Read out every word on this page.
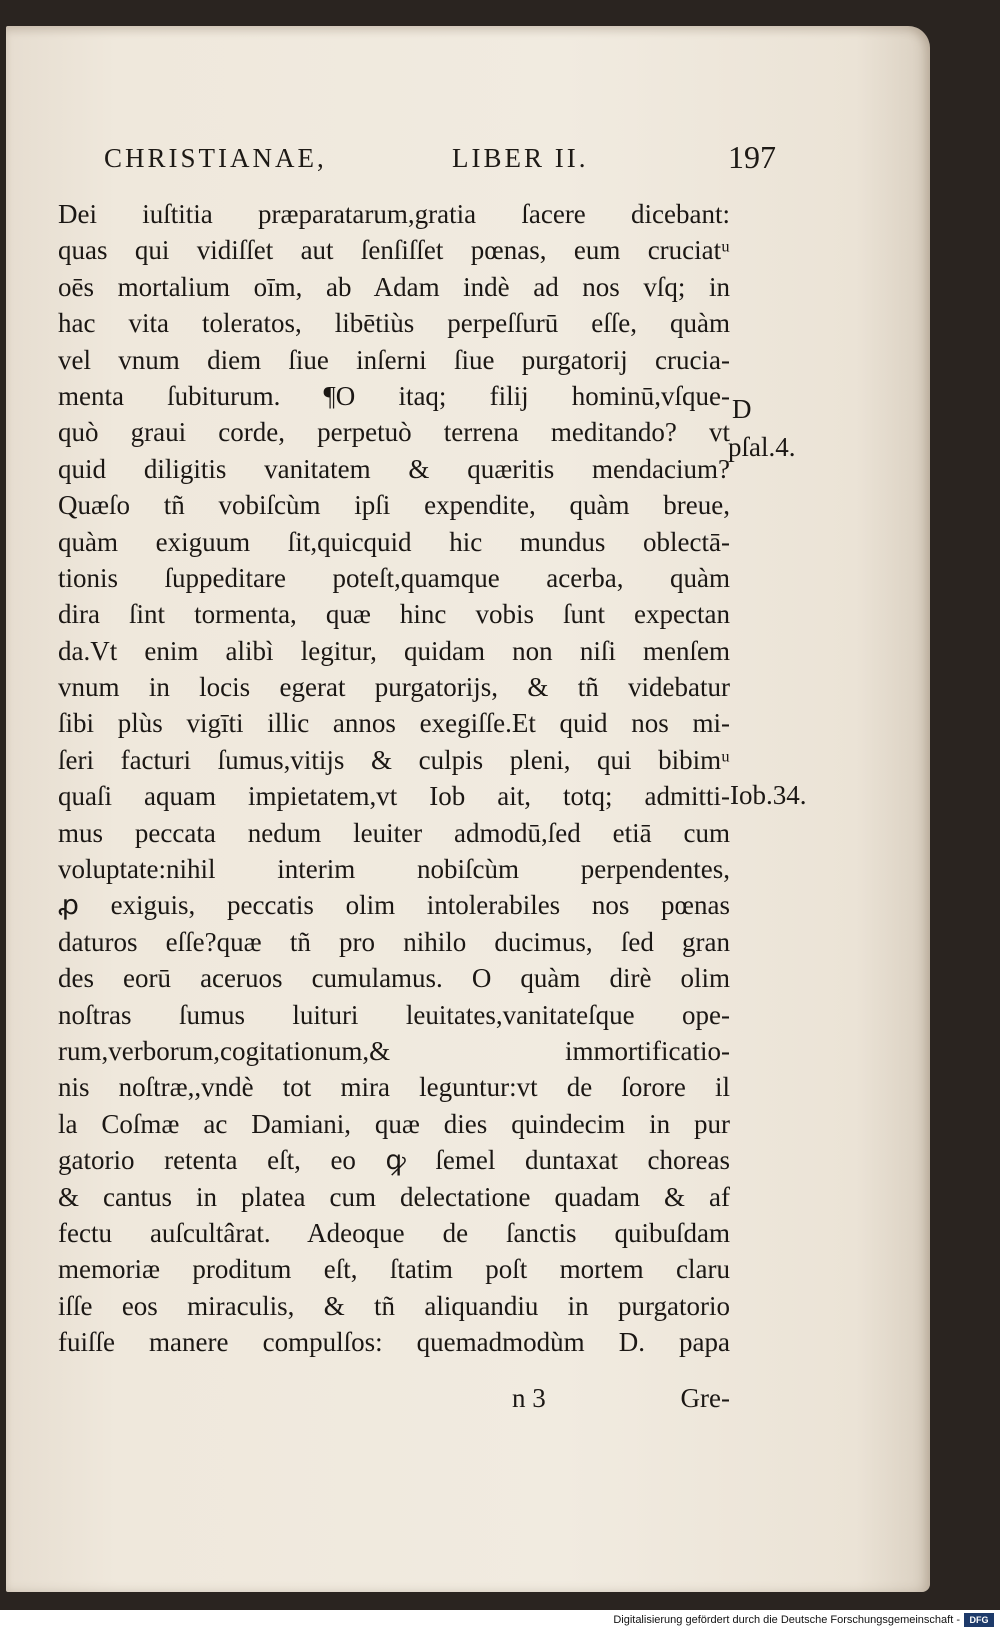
CHRISTIANAE,	LIBER II.	197
Dei iuſtitia præparatarum,gratia ſacere dicebant:
quas qui vidiſſet aut ſenſiſſet pœnas, eum cruciatᵘ
oēs mortalium oīm, ab Adam indè ad nos vſq; in
hac vita toleratos, libētiùs perpeſſurū eſſe, quàm
vel vnum diem ſiue inſerni ſiue purgatorij crucia-
menta ſubiturum. ¶O itaq; filij hominū,vſque-
quò graui corde, perpetuò terrena meditando? vt
quid diligitis vanitatem & quæritis mendacium?
Quæſo tñ vobiſcùm ipſi expendite, quàm breue,
quàm exiguum ſit,quicquid hic mundus oblectā-
tionis ſuppeditare poteſt,quamque acerba, quàm
dira ſint tormenta, quæ hinc vobis ſunt expectan
da.Vt enim alibì legitur, quidam non niſi menſem
vnum in locis egerat purgatorijs, & tñ videbatur
ſibi plùs vigīti illic annos exegiſſe.Et quid nos mi-
ſeri facturi ſumus,vitijs & culpis pleni, qui bibimᵘ
quaſi aquam impietatem,vt Iob ait, totq; admitti-
mus peccata nedum leuiter admodū,ſed etiā cum
voluptate:nihil interim nobiſcùm perpendentes,
ꝓ exiguis, peccatis olim intolerabiles nos pœnas
daturos eſſe?quæ tñ pro nihilo ducimus, ſed gran
des eorū aceruos cumulamus. O quàm dirè olim
noſtras ſumus luituri leuitates,vanitateſque ope-
rum,verborum,cogitationum,& immortificatio-
nis noſtræ,,vndè tot mira leguntur:vt de ſorore il
la Coſmæ ac Damiani, quæ dies quindecim in pur
gatorio retenta eſt, eo ꝙ ſemel duntaxat choreas
& cantus in platea cum delectatione quadam & af
fectu auſcultârat. Adeoque de ſanctis quibuſdam
memoriæ proditum eſt, ſtatim poſt mortem claru
iſſe eos miraculis, & tñ aliquandiu in purgatorio
fuiſſe manere compulſos: quemadmodùm D. papa
D
pſal.4.
Iob.34.
n 3	Gre-
Digitalisierung gefördert durch die Deutsche Forschungsgemeinschaft -	DFG
